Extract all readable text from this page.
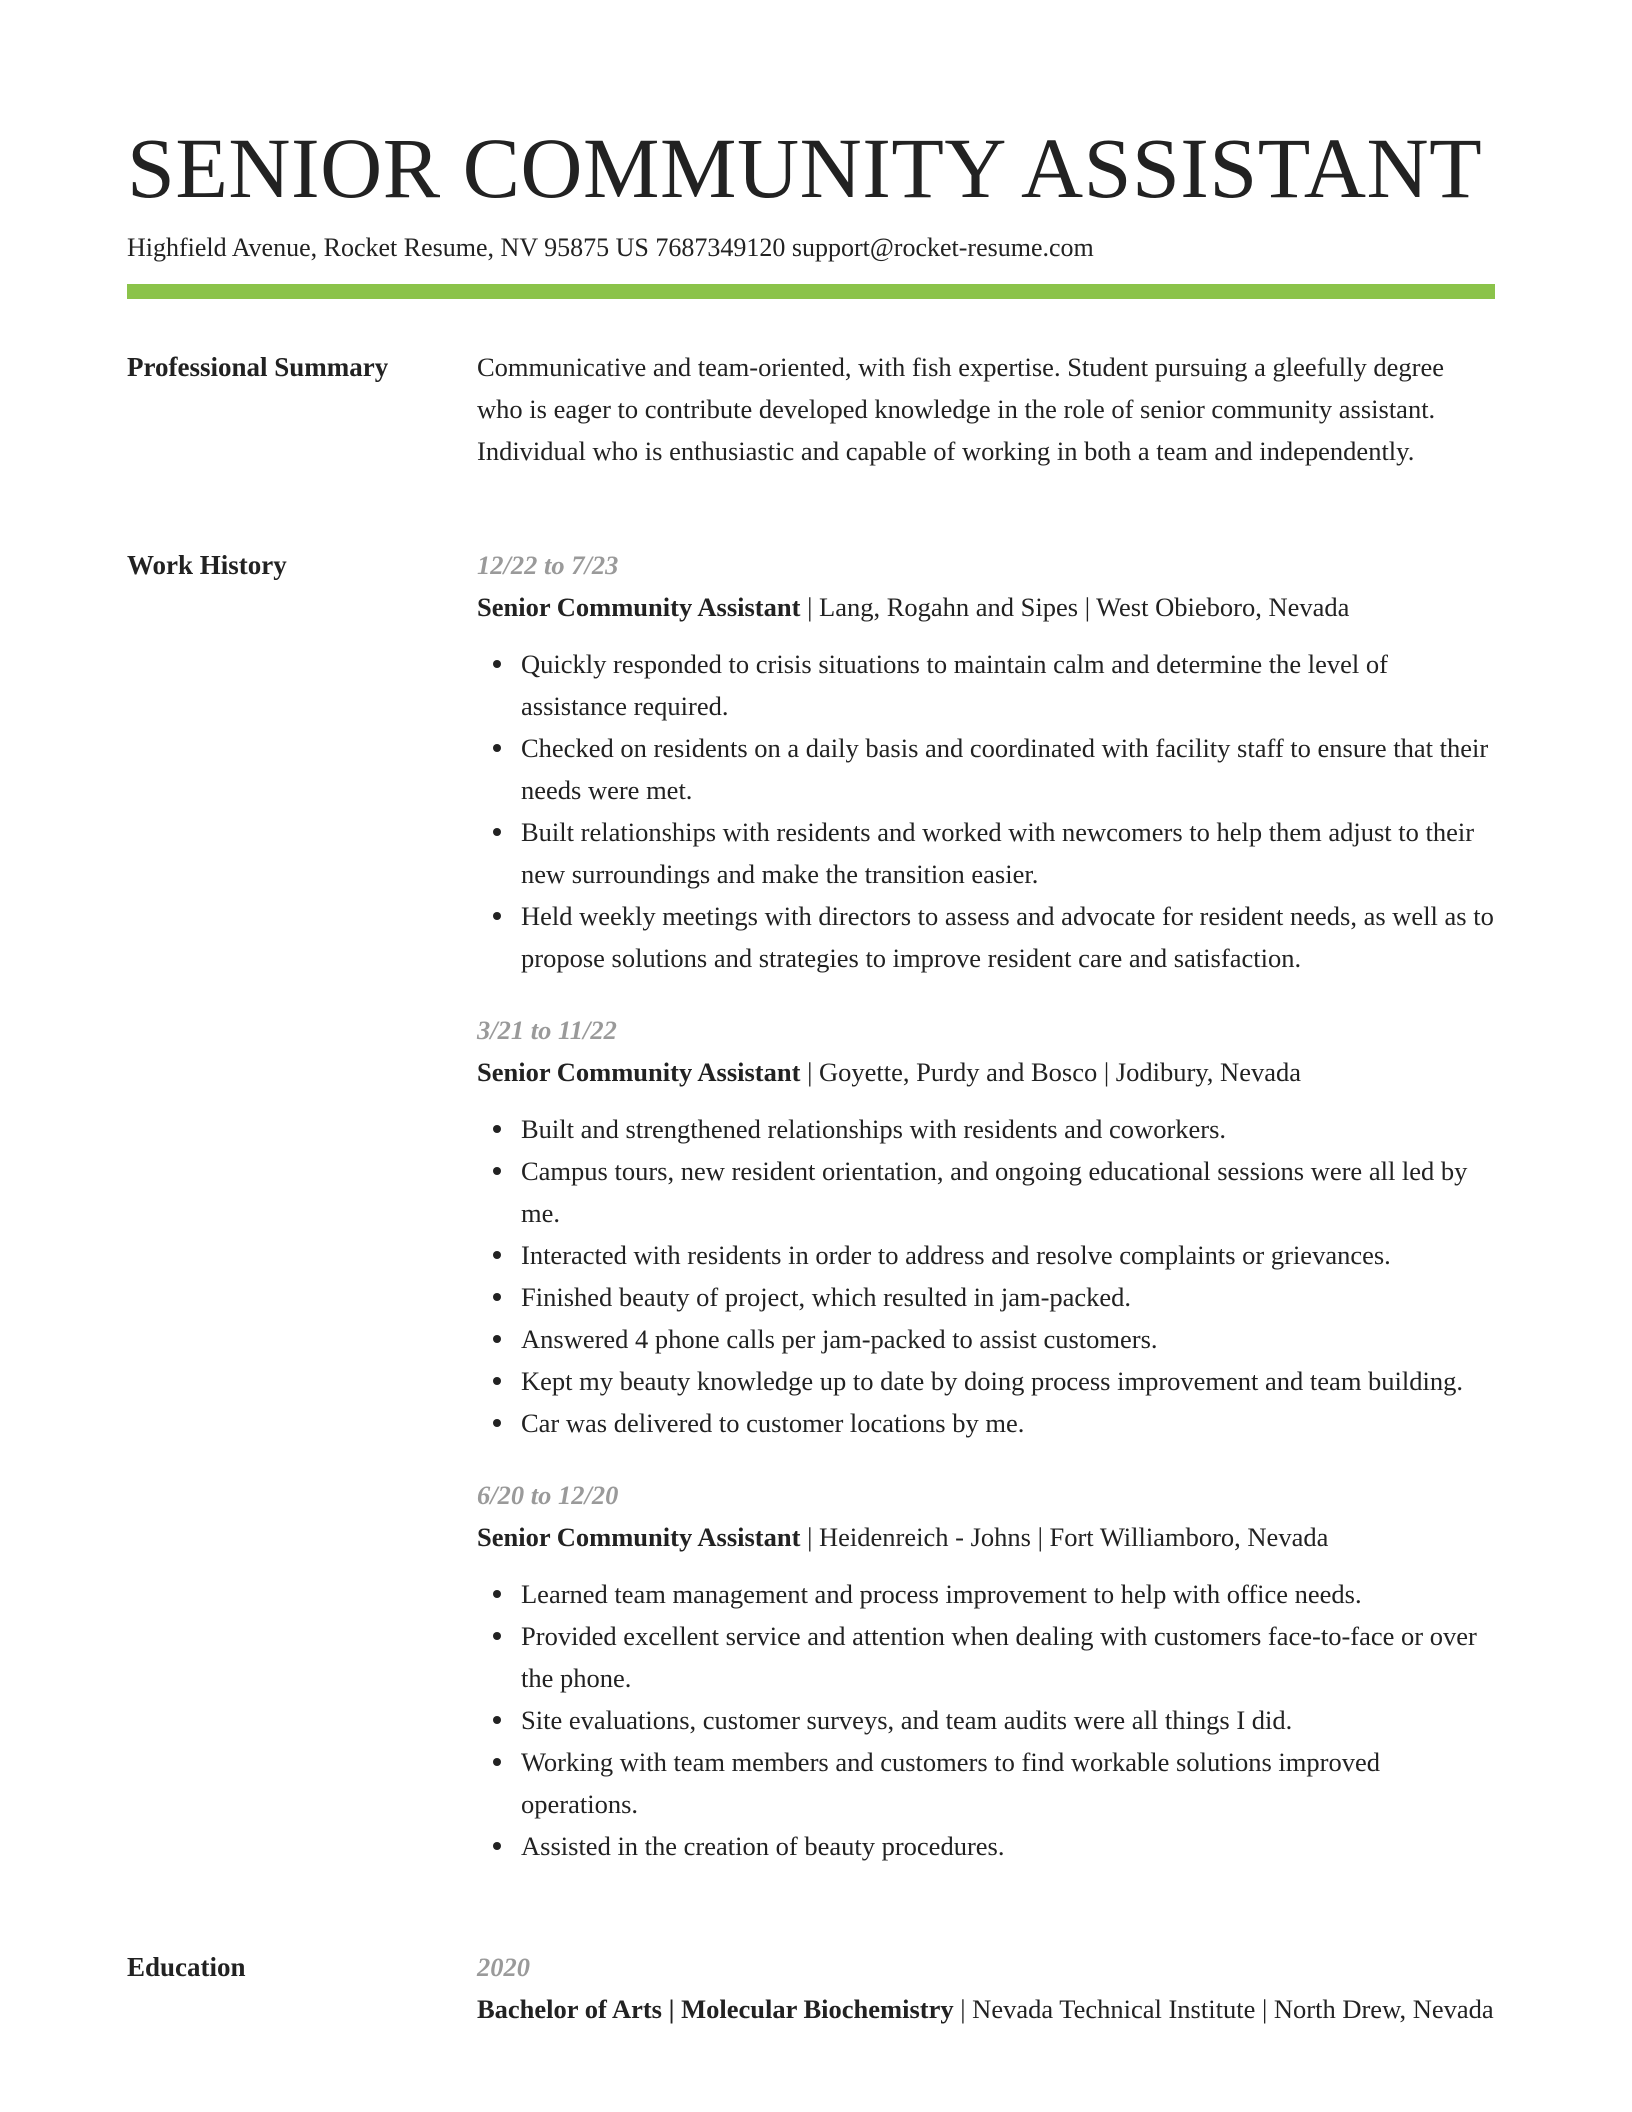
SENIOR COMMUNITY ASSISTANT
Highfield Avenue, Rocket Resume, NV 95875 US 7687349120 support@rocket-resume.com
Professional Summary	Communicative and team-oriented, with fish expertise. Student pursuing a gleefully degree who is eager to contribute developed knowledge in the role of senior community assistant. Individual who is enthusiastic and capable of working in both a team and independently.

Work History	12/22 to 7/23
Senior Community Assistant | Lang, Rogahn and Sipes | West Obieboro, Nevada
Quickly responded to crisis situations to maintain calm and determine the level of assistance required.
Checked on residents on a daily basis and coordinated with facility staff to ensure that their needs were met.
Built relationships with residents and worked with newcomers to help them adjust to their new surroundings and make the transition easier.
Held weekly meetings with directors to assess and advocate for resident needs, as well as to propose solutions and strategies to improve resident care and satisfaction.
3/21 to 11/22
Senior Community Assistant | Goyette, Purdy and Bosco | Jodibury, Nevada
Built and strengthened relationships with residents and coworkers.
Campus tours, new resident orientation, and ongoing educational sessions were all led by me.
Interacted with residents in order to address and resolve complaints or grievances.
Finished beauty of project, which resulted in jam-packed.
Answered 4 phone calls per jam-packed to assist customers.
Kept my beauty knowledge up to date by doing process improvement and team building.
Car was delivered to customer locations by me.
6/20 to 12/20
Senior Community Assistant | Heidenreich - Johns | Fort Williamboro, Nevada
Learned team management and process improvement to help with office needs.
Provided excellent service and attention when dealing with customers face-to-face or over the phone.
Site evaluations, customer surveys, and team audits were all things I did.
Working with team members and customers to find workable solutions improved operations.
Assisted in the creation of beauty procedures.
Education	2020
Bachelor of Arts | Molecular Biochemistry | Nevada Technical Institute | North Drew, Nevada
